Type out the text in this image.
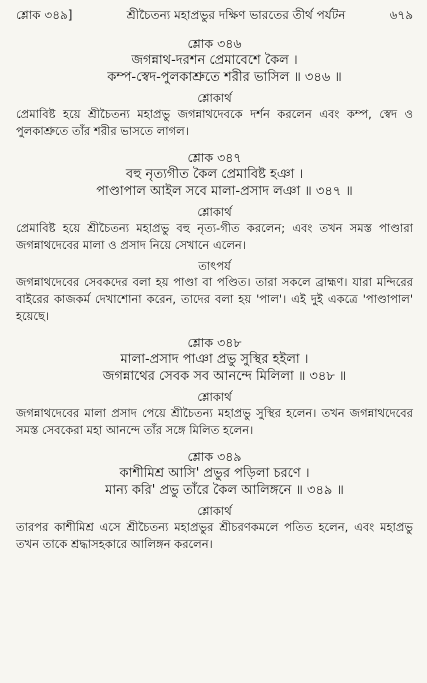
শ্লোক ৩৪৯]	শ্রীচৈতন্য মহাপ্রভুর দক্ষিণ ভারতের তীর্থ পর্যটন	৬৭৯
শ্লোক ৩৪৬
জগন্নাথ-দরশন প্রেমাবেশে কৈল ।
কম্প-স্বেদ-পুলকাশ্রুতে শরীর ভাসিল ॥ ৩৪৬ ॥
শ্লোকার্থ
প্রেমাবিষ্ট হয়ে শ্রীচৈতন্য মহাপ্রভু জগন্নাথদেবকে দর্শন করলেন এবং কম্প, স্বেদ ও পুলকাশ্রুতে তাঁর শরীর ভাসতে লাগল।
শ্লোক ৩৪৭
বহু নৃত্যগীত কৈল প্রেমাবিষ্ট হঞা ।
পাণ্ডাপাল আইল সবে মালা-প্রসাদ লঞা ॥ ৩৪৭ ॥
শ্লোকার্থ
প্রেমাবিষ্ট হয়ে শ্রীচৈতন্য মহাপ্রভু বহু নৃত্য-গীত করলেন; এবং তখন সমস্ত পাণ্ডারা জগন্নাথদেবের মালা ও প্রসাদ নিয়ে সেখানে এলেন।
তাৎপর্য
জগন্নাথদেবের সেবকদের বলা হয় পাণ্ডা বা পণ্ডিত। তারা সকলে ব্রাহ্মণ। যারা মন্দিরের বাইরের কাজকর্ম দেখাশোনা করেন, তাদের বলা হয় 'পাল'। এই দুই একত্রে 'পাণ্ডাপাল' হয়েছে।
শ্লোক ৩৪৮
মালা-প্রসাদ পাঞা প্রভু সুস্থির হইলা ।
জগন্নাথের সেবক সব আনন্দে মিলিলা ॥ ৩৪৮ ॥
শ্লোকার্থ
জগন্নাথদেবের মালা প্রসাদ পেয়ে শ্রীচৈতন্য মহাপ্রভু সুস্থির হলেন। তখন জগন্নাথদেবের সমস্ত সেবকেরা মহা আনন্দে তাঁর সঙ্গে মিলিত হলেন।
শ্লোক ৩৪৯
কাশীমিশ্র আসি' প্রভুর পড়িলা চরণে ।
মান্য করি' প্রভু তাঁরে কৈল আলিঙ্গনে ॥ ৩৪৯ ॥
শ্লোকার্থ
তারপর কাশীমিশ্র এসে শ্রীচৈতন্য মহাপ্রভুর শ্রীচরণকমলে পতিত হলেন, এবং মহাপ্রভু তখন তাকে শ্রদ্ধাসহকারে আলিঙ্গন করলেন।
